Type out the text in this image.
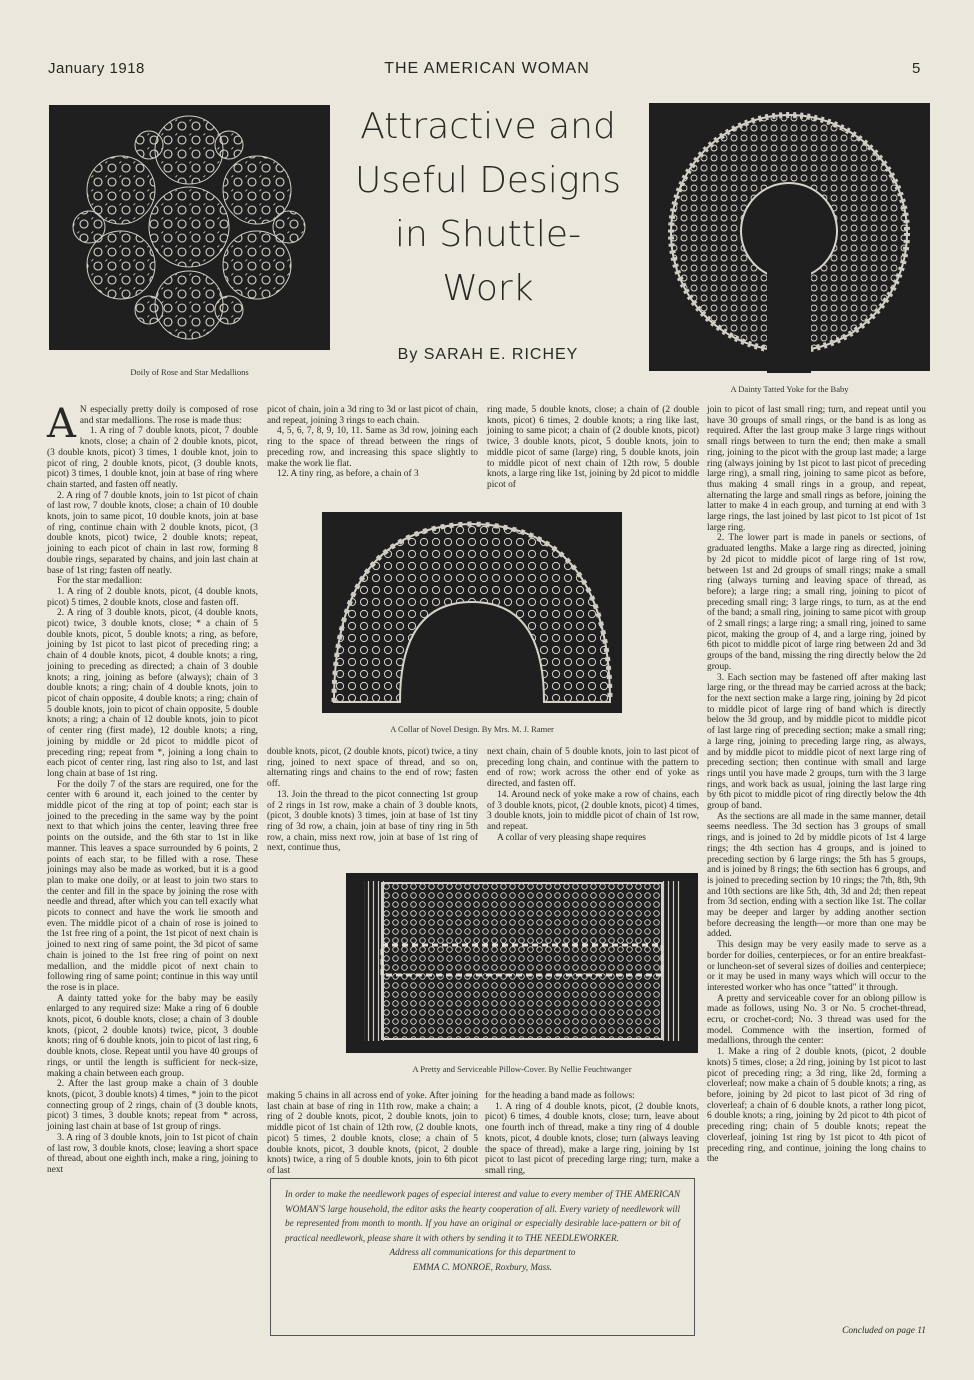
January 1918	THE AMERICAN WOMAN	5
Doily of Rose and Star Medallions
Attractive and
Useful Designs
in Shuttle-
Work
By SARAH E. RICHEY
A Dainty Tatted Yoke for the Baby
A N especially pretty doily is composed of rose and star medallions. The rose is made thus:

1. A ring of 7 double knots, picot, 7 double knots, close; a chain of 2 double knots, picot, (3 double knots, picot) 3 times, 1 double knot, join to picot of ring, 2 double knots, picot, (3 double knots, picot) 3 times, 1 double knot, join at base of ring where chain started, and fasten off neatly.

2. A ring of 7 double knots, join to 1st picot of chain of last row, 7 double knots, close; a chain of 10 double knots, join to same picot, 10 double knots, join at base of ring, continue chain with 2 double knots, picot, (3 double knots, picot) twice, 2 double knots; repeat, joining to each picot of chain in last row, forming 8 double rings, separated by chains, and join last chain at base of 1st ring; fasten off neatly.

For the star medallion:

1. A ring of 2 double knots, picot, (4 double knots, picot) 5 times, 2 double knots, close and fasten off.

2. A ring of 3 double knots, picot, (4 double knots, picot) twice, 3 double knots, close; * a chain of 5 double knots, picot, 5 double knots; a ring, as before, joining by 1st picot to last picot of preceding ring; a chain of 4 double knots, picot, 4 double knots; a ring, joining to preceding as directed; a chain of 3 double knots; a ring, joining as before (always); chain of 3 double knots; a ring; chain of 4 double knots, join to picot of chain opposite, 4 double knots; a ring; chain of 5 double knots, join to picot of chain opposite, 5 double knots; a ring; a chain of 12 double knots, join to picot of center ring (first made), 12 double knots; a ring, joining by middle or 2d picot to middle picot of preceding ring; repeat from *, joining a long chain to each picot of center ring, last ring also to 1st, and last long chain at base of 1st ring.

For the doily 7 of the stars are required, one for the center with 6 around it, each joined to the center by middle picot of the ring at top of point; each star is joined to the preceding in the same way by the point next to that which joins the center, leaving three free points on the outside, and the 6th star to 1st in like manner. This leaves a space surrounded by 6 points, 2 points of each star, to be filled with a rose. These joinings may also be made as worked, but it is a good plan to make one doily, or at least to join two stars to the center and fill in the space by joining the rose with needle and thread, after which you can tell exactly what picots to connect and have the work lie smooth and even. The middle picot of a chain of rose is joined to the 1st free ring of a point, the 1st picot of next chain is joined to next ring of same point, the 3d picot of same chain is joined to the 1st free ring of point on next medallion, and the middle picot of next chain to following ring of same point; continue in this way until the rose is in place.

A dainty tatted yoke for the baby may be easily enlarged to any required size: Make a ring of 6 double knots, picot, 6 double knots, close; a chain of 3 double knots, (picot, 2 double knots) twice, picot, 3 double knots; ring of 6 double knots, join to picot of last ring, 6 double knots, close. Repeat until you have 40 groups of rings, or until the length is sufficient for neck-size, making a chain between each group.

2. After the last group make a chain of 3 double knots, (picot, 3 double knots) 4 times, * join to the picot connecting group of 2 rings, chain of (3 double knots, picot) 3 times, 3 double knots; repeat from * across, joining last chain at base of 1st group of rings.

3. A ring of 3 double knots, join to 1st picot of chain of last row, 3 double knots, close; leaving a short space of thread, about one eighth inch, make a ring, joining to next

picot of chain, join a 3d ring to 3d or last picot of chain, and repeat, joining 3 rings to each chain.

4, 5, 6, 7, 8, 9, 10, 11. Same as 3d row, joining each ring to the space of thread between the rings of preceding row, and increasing this space slightly to make the work lie flat.

12. A tiny ring, as before, a chain of 3

ring made, 5 double knots, close; a chain of (2 double knots, picot) 6 times, 2 double knots; a ring like last, joining to same picot; a chain of (2 double knots, picot) twice, 3 double knots, picot, 5 double knots, join to middle picot of same (large) ring, 5 double knots, join to middle picot of next chain of 12th row, 5 double knots, a large ring like 1st, joining by 2d picot to middle picot of

A Collar of Novel Design. By Mrs. M. J. Ramer

double knots, picot, (2 double knots, picot) twice, a tiny ring, joined to next space of thread, and so on, alternating rings and chains to the end of row; fasten off.

13. Join the thread to the picot connecting 1st group of 2 rings in 1st row, make a chain of 3 double knots, (picot, 3 double knots) 3 times, join at base of 1st tiny ring of 3d row, a chain, join at base of tiny ring in 5th row, a chain, miss next row, join at base of 1st ring of next, continue thus,

next chain, chain of 5 double knots, join to last picot of preceding long chain, and continue with the pattern to end of row; work across the other end of yoke as directed, and fasten off.

14. Around neck of yoke make a row of chains, each of 3 double knots, picot, (2 double knots, picot) 4 times, 3 double knots, join to middle picot of chain of 1st row, and repeat.

A collar of very pleasing shape requires

A Pretty and Serviceable Pillow-Cover. By Nellie Feuchtwanger

making 5 chains in all across end of yoke. After joining last chain at base of ring in 11th row, make a chain; a ring of 2 double knots, picot, 2 double knots, join to middle picot of 1st chain of 12th row, (2 double knots, picot) 5 times, 2 double knots, close; a chain of 5 double knots, picot, 3 double knots, (picot, 2 double knots) twice, a ring of 5 double knots, join to 6th picot of last

for the heading a band made as follows:

1. A ring of 4 double knots, picot, (2 double knots, picot) 6 times, 4 double knots, close; turn, leave about one fourth inch of thread, make a tiny ring of 4 double knots, picot, 4 double knots, close; turn (always leaving the space of thread), make a large ring, joining by 1st picot to last picot of preceding large ring; turn, make a small ring,

In order to make the needlework pages of especial interest and value to every member of THE AMERICAN WOMAN'S large household, the editor asks the hearty cooperation of all. Every variety of needlework will be represented from month to month. If you have an original or especially desirable lace-pattern or bit of practical needlework, please share it with others by sending it to THE NEEDLEWORKER.
Address all communications for this department to
EMMA C. MONROE, Roxbury, Mass.

join to picot of last small ring; turn, and repeat until you have 30 groups of small rings, or the band is as long as required. After the last group make 3 large rings without small rings between to turn the end; then make a small ring, joining to the picot with the group last made; a large ring (always joining by 1st picot to last picot of preceding large ring), a small ring, joining to same picot as before, thus making 4 small rings in a group, and repeat, alternating the large and small rings as before, joining the latter to make 4 in each group, and turning at end with 3 large rings, the last joined by last picot to 1st picot of 1st large ring.

2. The lower part is made in panels or sections, of graduated lengths. Make a large ring as directed, joining by 2d picot to middle picot of large ring of 1st row, between 1st and 2d groups of small rings; make a small ring (always turning and leaving space of thread, as before); a large ring; a small ring, joining to picot of preceding small ring; 3 large rings, to turn, as at the end of the band; a small ring, joining to same picot with group of 2 small rings; a large ring; a small ring, joined to same picot, making the group of 4, and a large ring, joined by 6th picot to middle picot of large ring between 2d and 3d groups of the band, missing the ring directly below the 2d group.

3. Each section may be fastened off after making last large ring, or the thread may be carried across at the back; for the next section make a large ring, joining by 2d picot to middle picot of large ring of band which is directly below the 3d group, and by middle picot to middle picot of last large ring of preceding section; make a small ring; a large ring, joining to preceding large ring, as always, and by middle picot to middle picot of next large ring of preceding section; then continue with small and large rings until you have made 2 groups, turn with the 3 large rings, and work back as usual, joining the last large ring by 6th picot to middle picot of ring directly below the 4th group of band.

As the sections are all made in the same manner, detail seems needless. The 3d section has 3 groups of small rings, and is joined to 2d by middle picots of 1st 4 large rings; the 4th section has 4 groups, and is joined to preceding section by 6 large rings; the 5th has 5 groups, and is joined by 8 rings; the 6th section has 6 groups, and is joined to preceding section by 10 rings; the 7th, 8th, 9th and 10th sections are like 5th, 4th, 3d and 2d; then repeat from 3d section, ending with a section like 1st. The collar may be deeper and larger by adding another section before decreasing the length—or more than one may be added.

This design may be very easily made to serve as a border for doilies, centerpieces, or for an entire breakfast- or luncheon-set of several sizes of doilies and centerpiece; or it may be used in many ways which will occur to the interested worker who has once "tatted" it through.

A pretty and serviceable cover for an oblong pillow is made as follows, using No. 3 or No. 5 crochet-thread, ecru, or crochet-cord; No. 3 thread was used for the model. Commence with the insertion, formed of medallions, through the center:

1. Make a ring of 2 double knots, (picot, 2 double knots) 5 times, close; a 2d ring, joining by 1st picot to last picot of preceding ring; a 3d ring, like 2d, forming a cloverleaf; now make a chain of 5 double knots; a ring, as before, joining by 2d picot to last picot of 3d ring of cloverleaf; a chain of 6 double knots, a rather long picot, 6 double knots; a ring, joining by 2d picot to 4th picot of preceding ring; chain of 5 double knots; repeat the cloverleaf, joining 1st ring by 1st picot to 4th picot of preceding ring, and continue, joining the long chains to the

Concluded on page 11
